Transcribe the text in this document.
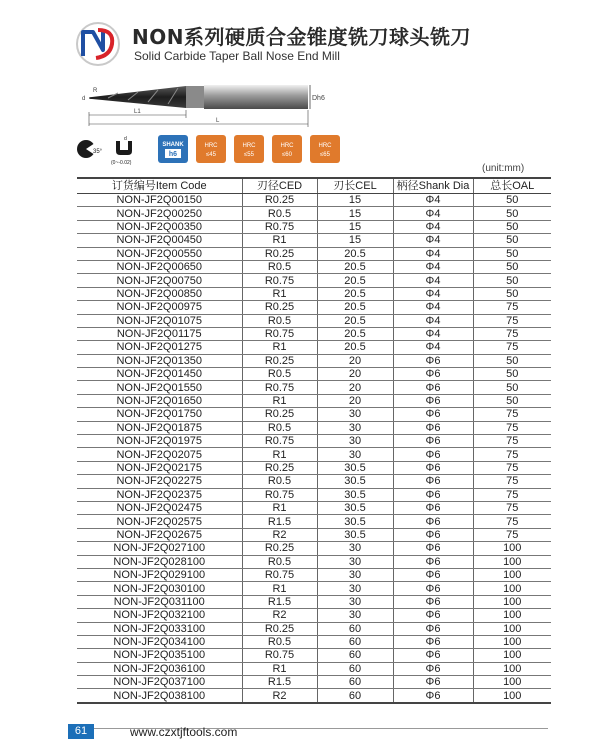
NON系列硬质合金锥度铣刀球头铣刀
Solid Carbide Taper Ball Nose End Mill
Dh6
d
R
L1
L
35°
d
(0~-0.02)
SHANK
h6
HRC
≤45
HRC
≤55
HRC
≤60
HRC
≤65
(unit:mm)
订货编号Item Code	刃径CED	刃长CEL	柄径Shank Dia	总长OAL
NON-JF2Q00150	R0.25	15	Φ4	50
NON-JF2Q00250	R0.5	15	Φ4	50
NON-JF2Q00350	R0.75	15	Φ4	50
NON-JF2Q00450	R1	15	Φ4	50
NON-JF2Q00550	R0.25	20.5	Φ4	50
NON-JF2Q00650	R0.5	20.5	Φ4	50
NON-JF2Q00750	R0.75	20.5	Φ4	50
NON-JF2Q00850	R1	20.5	Φ4	50
NON-JF2Q00975	R0.25	20.5	Φ4	75
NON-JF2Q01075	R0.5	20.5	Φ4	75
NON-JF2Q01175	R0.75	20.5	Φ4	75
NON-JF2Q01275	R1	20.5	Φ4	75
NON-JF2Q01350	R0.25	20	Φ6	50
NON-JF2Q01450	R0.5	20	Φ6	50
NON-JF2Q01550	R0.75	20	Φ6	50
NON-JF2Q01650	R1	20	Φ6	50
NON-JF2Q01750	R0.25	30	Φ6	75
NON-JF2Q01875	R0.5	30	Φ6	75
NON-JF2Q01975	R0.75	30	Φ6	75
NON-JF2Q02075	R1	30	Φ6	75
NON-JF2Q02175	R0.25	30.5	Φ6	75
NON-JF2Q02275	R0.5	30.5	Φ6	75
NON-JF2Q02375	R0.75	30.5	Φ6	75
NON-JF2Q02475	R1	30.5	Φ6	75
NON-JF2Q02575	R1.5	30.5	Φ6	75
NON-JF2Q02675	R2	30.5	Φ6	75
NON-JF2Q027100	R0.25	30	Φ6	100
NON-JF2Q028100	R0.5	30	Φ6	100
NON-JF2Q029100	R0.75	30	Φ6	100
NON-JF2Q030100	R1	30	Φ6	100
NON-JF2Q031100	R1.5	30	Φ6	100
NON-JF2Q032100	R2	30	Φ6	100
NON-JF2Q033100	R0.25	60	Φ6	100
NON-JF2Q034100	R0.5	60	Φ6	100
NON-JF2Q035100	R0.75	60	Φ6	100
NON-JF2Q036100	R1	60	Φ6	100
NON-JF2Q037100	R1.5	60	Φ6	100
NON-JF2Q038100	R2	60	Φ6	100
61	www.czxtjftools.com
